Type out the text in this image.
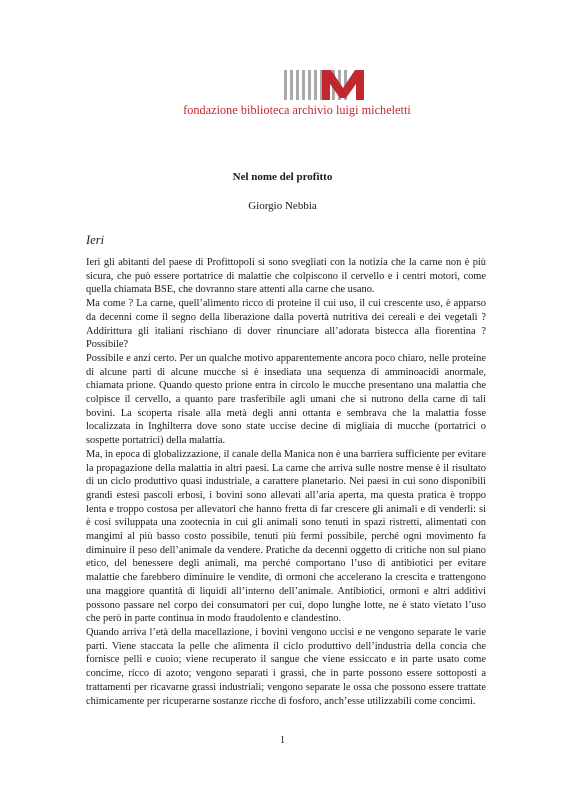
fondazione biblioteca archivio luigi micheletti
Nel nome del profitto
Giorgio Nebbia
Ieri

Ieri gli abitanti del paese di Profittopoli si sono svegliati con la notizia che la carne non è più sicura, che può essere portatrice di malattie che colpiscono il cervello e i centri motori, come quella chiamata BSE, che dovranno stare attenti alla carne che usano.

Ma come ? La carne, quell’alimento ricco di proteine il cui uso, il cui crescente uso, è apparso da decenni come il segno della liberazione dalla povertà nutritiva dei cereali e dei vegetali ? Addirittura gli italiani rischiano di dover rinunciare all’adorata bistecca alla fiorentina ? Possibile?

Possibile e anzi certo. Per un qualche motivo apparentemente ancora poco chiaro, nelle proteine di alcune parti di alcune mucche si è insediata una sequenza di amminoacidi anormale, chiamata prione. Quando questo prione entra in circolo le mucche presentano una malattia che colpisce il cervello, a quanto pare trasferibile agli umani che si nutrono della carne di tali bovini. La scoperta risale alla metà degli anni ottanta e sembrava che la malattia fosse localizzata in Inghilterra dove sono state uccise decine di migliaia di mucche (portatrici o sospette portatrici) della malattia.

Ma, in epoca di globalizzazione, il canale della Manica non è una barriera sufficiente per evitare la propagazione della malattia in altri paesi. La carne che arriva sulle nostre mense è il risultato di un ciclo produttivo quasi industriale, a carattere planetario. Nei paesi in cui sono disponibili grandi estesi pascoli erbosi, i bovini sono allevati all’aria aperta, ma questa pratica è troppo lenta e troppo costosa per allevatori che hanno fretta di far crescere gli animali e di venderli: si è così sviluppata una zootecnia in cui gli animali sono tenuti in spazi ristretti, alimentati con mangimi al più basso costo possibile, tenuti più fermi possibile, perché ogni movimento fa diminuire il peso dell’animale da vendere. Pratiche da decenni oggetto di critiche non sul piano etico, del benessere degli animali, ma perché comportano l’uso di antibiotici per evitare malattie che farebbero diminuire le vendite, di ormoni che accelerano la crescita e trattengono una maggiore quantità di liquidi all’interno dell’animale. Antibiotici, ormoni e altri additivi possono passare nel corpo dei consumatori per cui, dopo lunghe lotte, ne è stato vietato l’uso che però in parte continua in modo fraudolento e clandestino.

Quando arriva l’età della macellazione, i bovini vengono uccisi e ne vengono separate le varie parti. Viene staccata la pelle che alimenta il ciclo produttivo dell’industria della concia che fornisce pelli e cuoio; viene recuperato il sangue che viene essiccato e in parte usato come concime, ricco di azoto; vengono separati i grassi, che in parte possono essere sottoposti a trattamenti per ricavarne grassi industriali; vengono separate le ossa che possono essere trattate chimicamente per ricuperarne sostanze ricche di fosforo, anch’esse utilizzabili come concimi.

1
